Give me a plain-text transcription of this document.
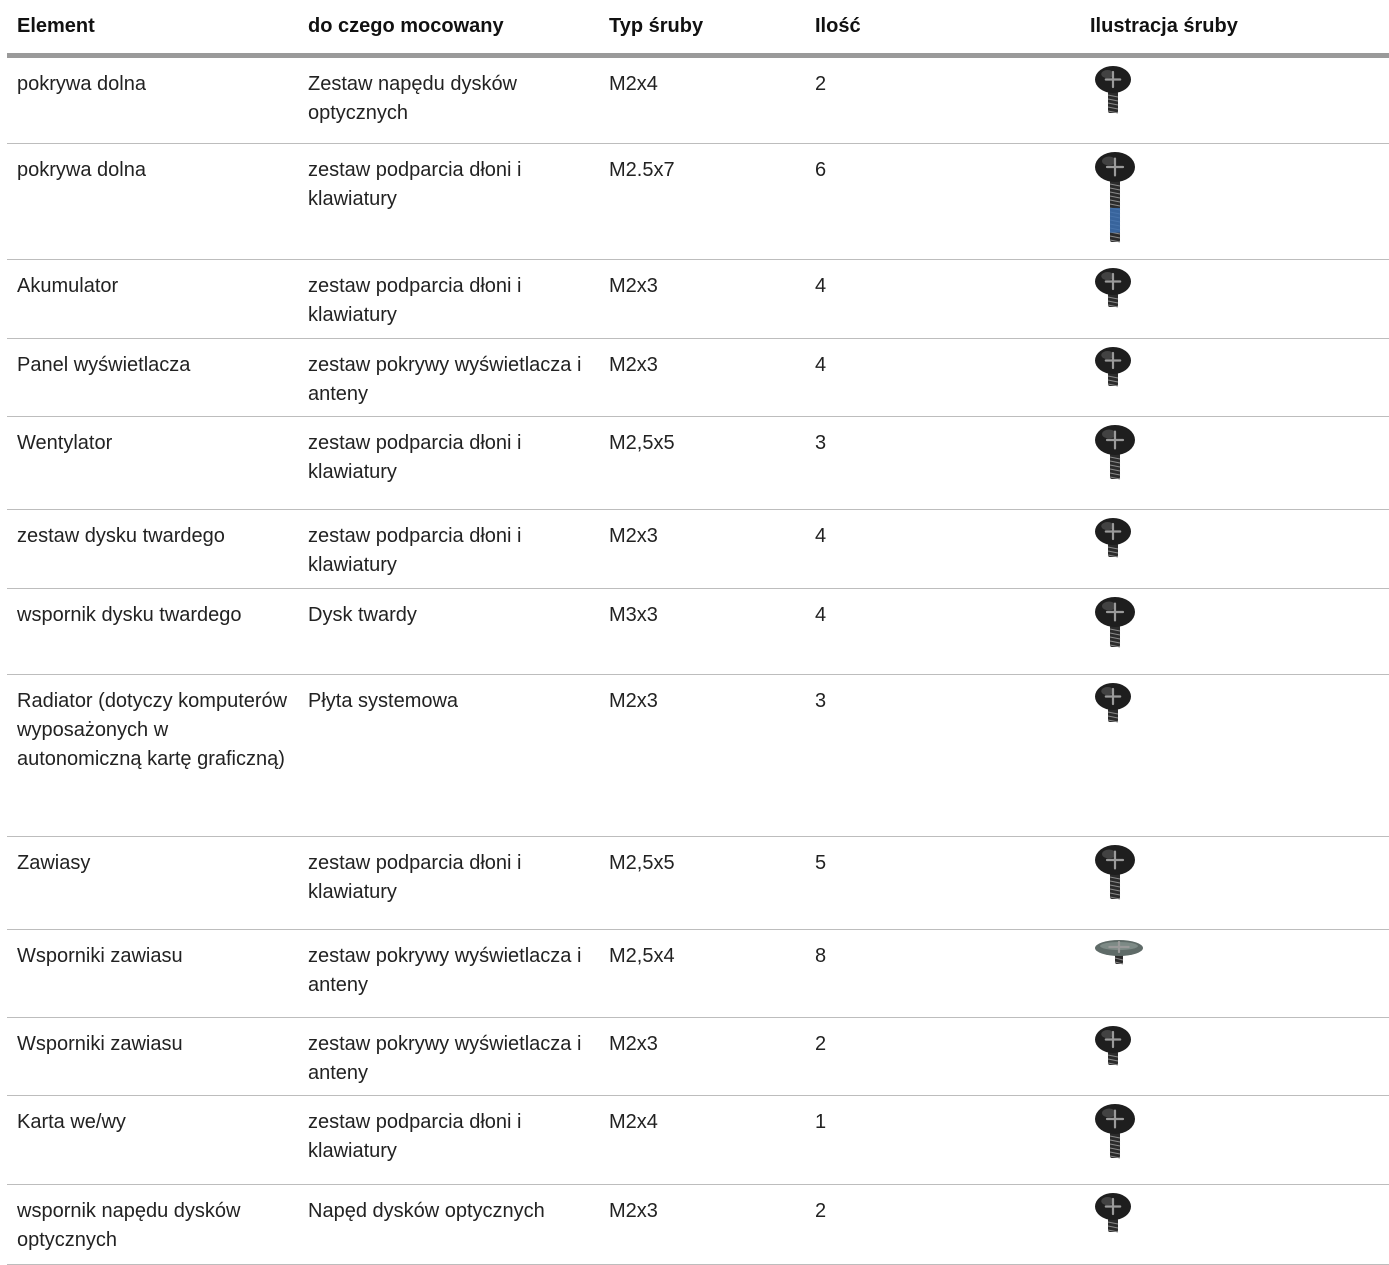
Element	do czego mocowany	Typ śruby	Ilość	Ilustracja śruby
pokrywa dolna	Zestaw napędu dysków optycznych	M2x4	2	

pokrywa dolna	zestaw podparcia dłoni i klawiatury	M2.5x7	6	

Akumulator	zestaw podparcia dłoni i klawiatury	M2x3	4	

Panel wyświetlacza	zestaw pokrywy wyświetlacza i anteny	M2x3	4	

Wentylator	zestaw podparcia dłoni i klawiatury	M2,5x5	3	

zestaw dysku twardego	zestaw podparcia dłoni i klawiatury	M2x3	4	

wspornik dysku twardego	Dysk twardy	M3x3	4	

Radiator (dotyczy komputerów wyposażonych w autonomiczną kartę graficzną)	Płyta systemowa	M2x3	3	

Zawiasy	zestaw podparcia dłoni i klawiatury	M2,5x5	5	

Wsporniki zawiasu	zestaw pokrywy wyświetlacza i anteny	M2,5x4	8	

Wsporniki zawiasu	zestaw pokrywy wyświetlacza i anteny	M2x3	2	

Karta we/wy	zestaw podparcia dłoni i klawiatury	M2x4	1	

wspornik napędu dysków optycznych	Napęd dysków optycznych	M2x3	2	
